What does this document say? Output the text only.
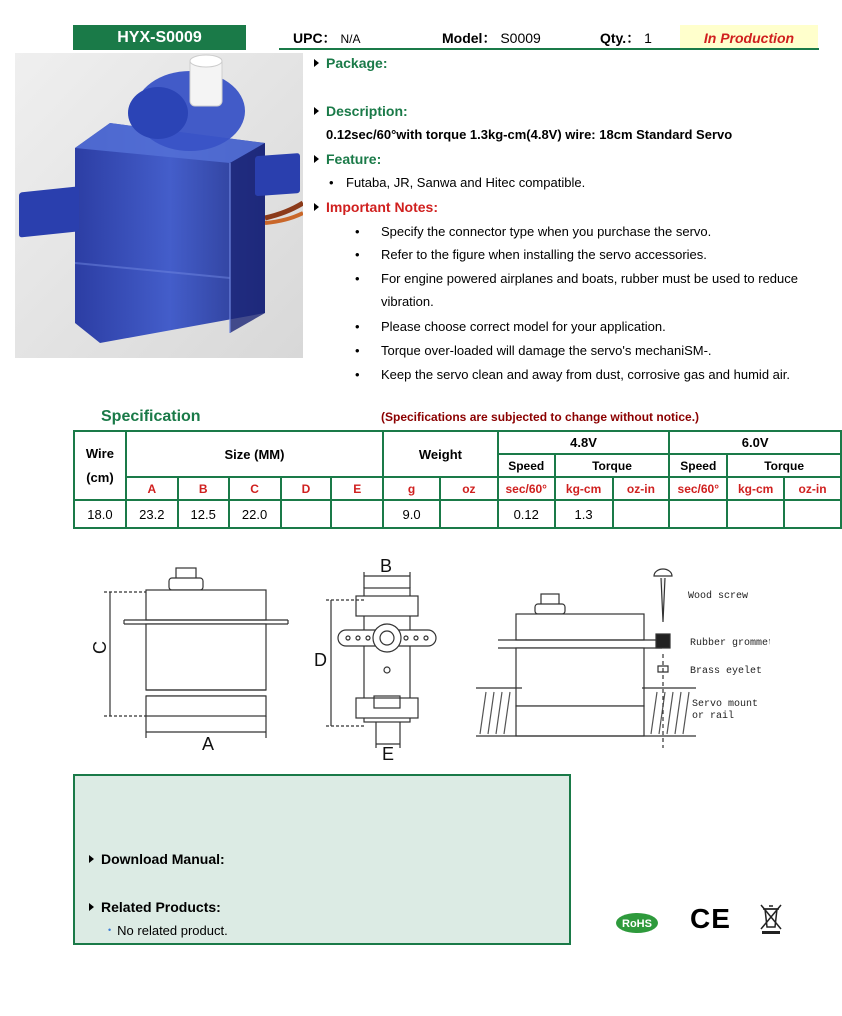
HYX-S0009	UPC： N/A	Model： S0009	Qty.： 1	In Production
Package:
Description:
0.12sec/60°with torque 1.3kg-cm(4.8V) wire: 18cm Standard Servo
Feature:
• Futaba, JR, Sanwa and Hitec compatible.
Important Notes:
• Specify the connector type when you purchase the servo.
• Refer to the figure when installing the servo accessories.
• For engine powered airplanes and boats, rubber must be used to reduce
vibration.
• Please choose correct model for your application.
• Torque over-loaded will damage the servo's mechaniSM-.
• Keep the servo clean and away from dust, corrosive gas and humid air.
Specification	(Specifications are subjected to change without notice.)
Wire
(cm)	Size (MM)					Weight		4.8V			6.0V		
								Speed	Torque		Speed	Torque	
	A	B	C	D	E	g	oz	sec/60°	kg-cm	oz-in	sec/60°	kg-cm	oz-in
18.0	23.2	12.5	22.0			9.0		0.12	1.3				
A
B
C
D
E
Wood screw
Rubber grommet
Brass eyelet
Servo mount
or rail
Download Manual:
Related Products:
• No related product.	RoHS CE
